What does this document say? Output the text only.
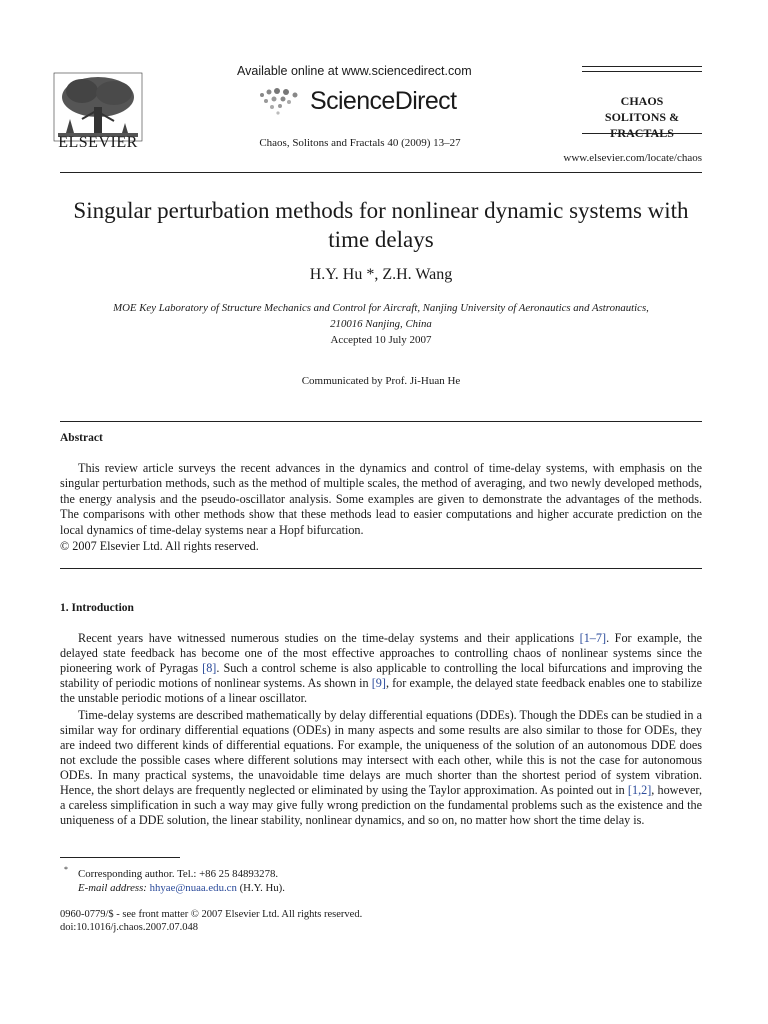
ELSEVIER
Available online at www.sciencedirect.com
ScienceDirect
Chaos, Solitons and Fractals 40 (2009) 13–27
CHAOS
SOLITONS & FRACTALS
www.elsevier.com/locate/chaos
Singular perturbation methods for nonlinear dynamic systems with time delays
H.Y. Hu *, Z.H. Wang
MOE Key Laboratory of Structure Mechanics and Control for Aircraft, Nanjing University of Aeronautics and Astronautics,
210016 Nanjing, China
Accepted 10 July 2007
Communicated by Prof. Ji-Huan He
Abstract
This review article surveys the recent advances in the dynamics and control of time-delay systems, with emphasis on the singular perturbation methods, such as the method of multiple scales, the method of averaging, and two newly developed methods, the energy analysis and the pseudo-oscillator analysis. Some examples are given to demonstrate the advantages of the methods. The comparisons with other methods show that these methods lead to easier computations and higher accurate prediction on the local dynamics of time-delay systems near a Hopf bifurcation.
© 2007 Elsevier Ltd. All rights reserved.
1. Introduction
Recent years have witnessed numerous studies on the time-delay systems and their applications [1–7]. For example, the delayed state feedback has become one of the most effective approaches to controlling chaos of nonlinear systems since the pioneering work of Pyragas [8]. Such a control scheme is also applicable to controlling the local bifurcations and improving the stability of periodic motions of nonlinear systems. As shown in [9], for example, the delayed state feedback enables one to stabilize the unstable periodic motions of a linear oscillator.
Time-delay systems are described mathematically by delay differential equations (DDEs). Though the DDEs can be studied in a similar way for ordinary differential equations (ODEs) in many aspects and some results are also similar to those for ODEs, they are indeed two different kinds of differential equations. For example, the uniqueness of the solution of an autonomous DDE does not exclude the possible cases where different solutions may intersect with each other, while this is not the case for autonomous ODEs. In many practical systems, the unavoidable time delays are much shorter than the shortest period of system vibration. Hence, the short delays are frequently neglected or eliminated by using the Taylor approximation. As pointed out in [1,2], however, a careless simplification in such a way may give fully wrong prediction on the fundamental problems such as the existence and the uniqueness of a DDE solution, the linear stability, nonlinear dynamics, and so on, no matter how short the time delay is.
* Corresponding author. Tel.: +86 25 84893278.
E-mail address: hhyae@nuaa.edu.cn (H.Y. Hu).
0960-0779/$ - see front matter © 2007 Elsevier Ltd. All rights reserved.
doi:10.1016/j.chaos.2007.07.048
